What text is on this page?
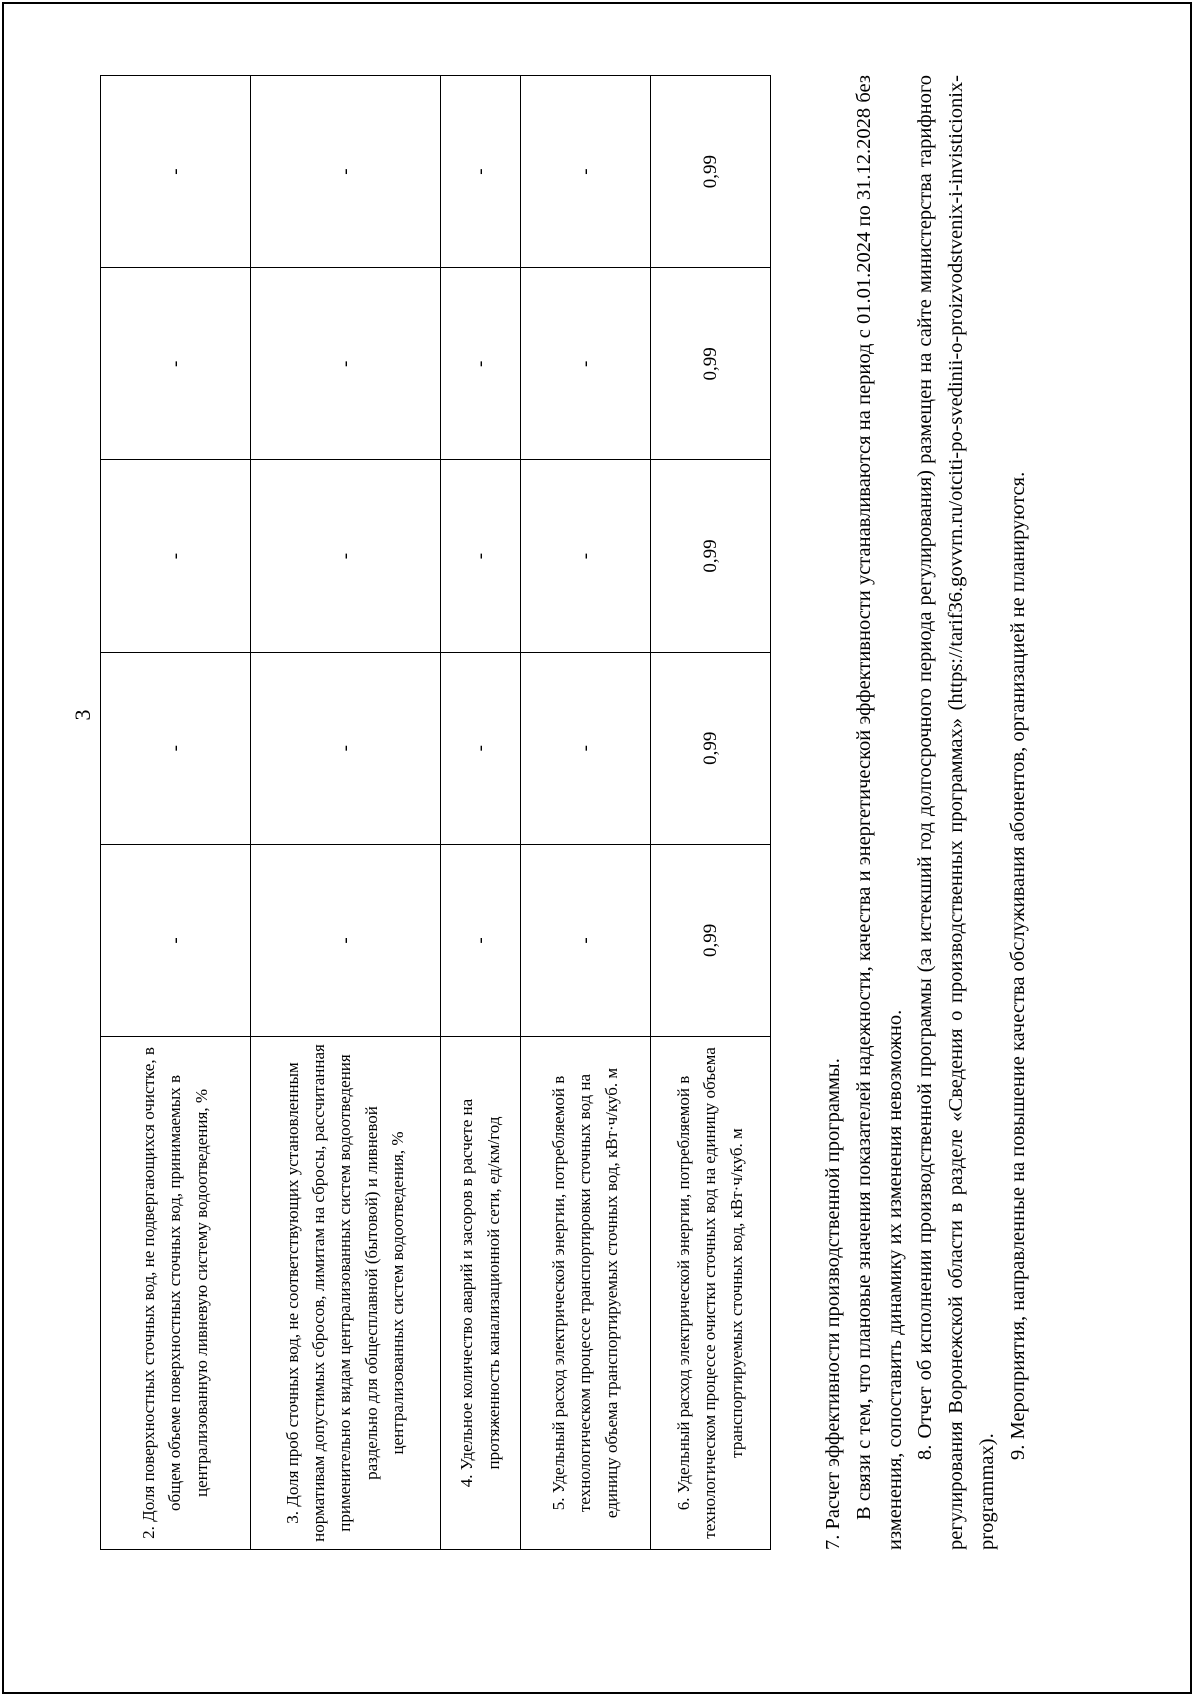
3
2. Доля поверхностных сточных вод, не подвергающихся очистке, в общем объеме поверхностных сточных вод, принимаемых в централизованную ливневую систему водоотведения, %	-	-	-	-	-
3. Доля проб сточных вод, не соответствующих установленным нормативам допустимых сбросов, лимитам на сбросы, рассчитанная применительно к видам централизованных систем водоотведения раздельно для общесплавной (бытовой) и ливневой централизованных систем водоотведения, %	-	-	-	-	-
4. Удельное количество аварий и засоров в расчете на протяженность канализационной сети, ед/км/год	-	-	-	-	-
5. Удельный расход электрической энергии, потребляемой в технологическом процессе транспортировки сточных вод на единицу объема транспортируемых сточных вод, кВт·ч/куб. м	-	-	-	-	-
6. Удельный расход электрической энергии, потребляемой в технологическом процессе очистки сточных вод на единицу объема транспортируемых сточных вод, кВт·ч/куб. м	0,99	0,99	0,99	0,99	0,99

7. Расчет эффективности производственной программы. В связи с тем, что плановые значения показателей надежности, качества и энергетической эффективности устанавливаются на период с 01.01.2024 по 31.12.2028 без изменения, сопоставить динамику их изменения невозможно. 8. Отчет об исполнении производственной программы (за истекший год долгосрочного периода регулирования) размещен на сайте министерства тарифного регулирования Воронежской области в разделе «Сведения о производственных программах» (https://tarif36.govvrn.ru/otciti-po-svedinii-o-proizvodstvenix-i-invisticionix-programmax).

9. Мероприятия, направленные на повышение качества обслуживания абонентов, организацией не планируются.
